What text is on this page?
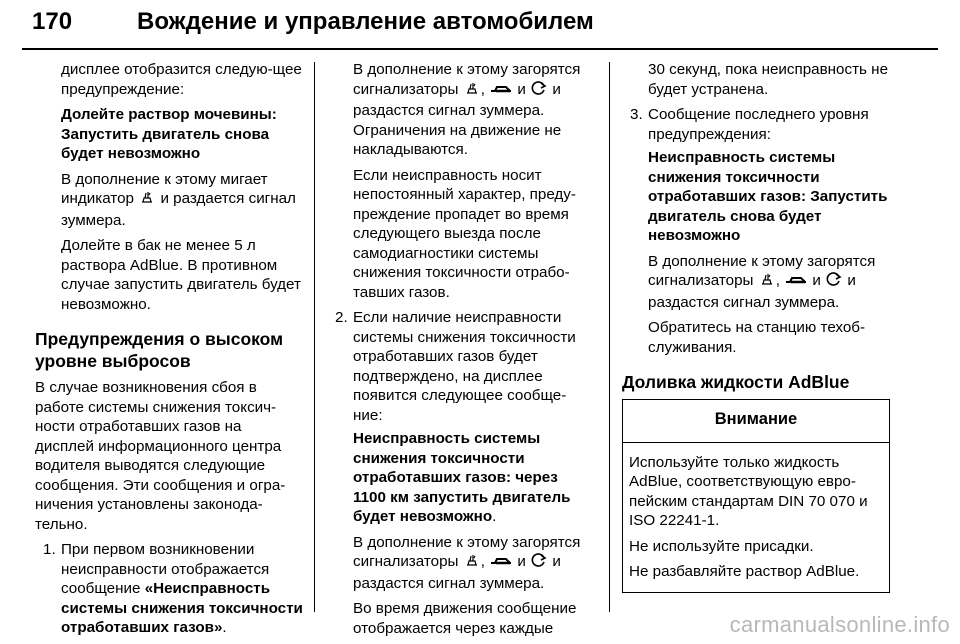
170	Вождение и управление автомобилем

дисплее отобразится следую-щее предупреждение:

Долейте раствор мочевины: Запустить двигатель снова будет невозможно

В дополнение к этому мигает индикатор и раздается сигнал зуммера.

Долейте в бак не менее 5 л раствора AdBlue. В противном случае запустить двигатель будет невозможно.

Предупреждения о высоком уровне выбросов

В случае возникновения сбоя в работе системы снижения токсич-ности отработавших газов на дисплей информационного центра водителя выводятся следующие сообщения. Эти сообщения и огра-ничения установлены законода-тельно.

1. При первом возникновении неисправности отображается сообщение «Неисправность системы снижения токсичности отработавших газов».

В дополнение к этому загорятся сигнализаторы , и и раздастся сигнал зуммера. Ограничения на движение не накладываются.

Если неисправность носит непостоянный характер, преду-преждение пропадет во время следующего выезда после самодиагностики системы снижения токсичности отрабо-тавших газов.

2. Если наличие неисправности системы снижения токсичности отработавших газов будет подтверждено, на дисплее появится следующее сообще-ние:

Неисправность системы снижения токсичности отработавших газов: через 1100 км запустить двигатель будет невозможно.

В дополнение к этому загорятся сигнализаторы , и и раздастся сигнал зуммера.

Во время движения сообщение отображается через каждые

30 секунд, пока неисправность не будет устранена.

3. Сообщение последнего уровня предупреждения:

Неисправность системы снижения токсичности отработавших газов: Запустить двигатель снова будет невозможно

В дополнение к этому загорятся сигнализаторы , и и раздастся сигнал зуммера.

Обратитесь на станцию техоб-служивания.

Доливка жидкости AdBlue
Внимание

Используйте только жидкость AdBlue, соответствующую евро-пейским стандартам DIN 70 070 и ISO 22241-1.

Не используйте присадки.

Не разбавляйте раствор AdBlue.

carmanualsonline.info
